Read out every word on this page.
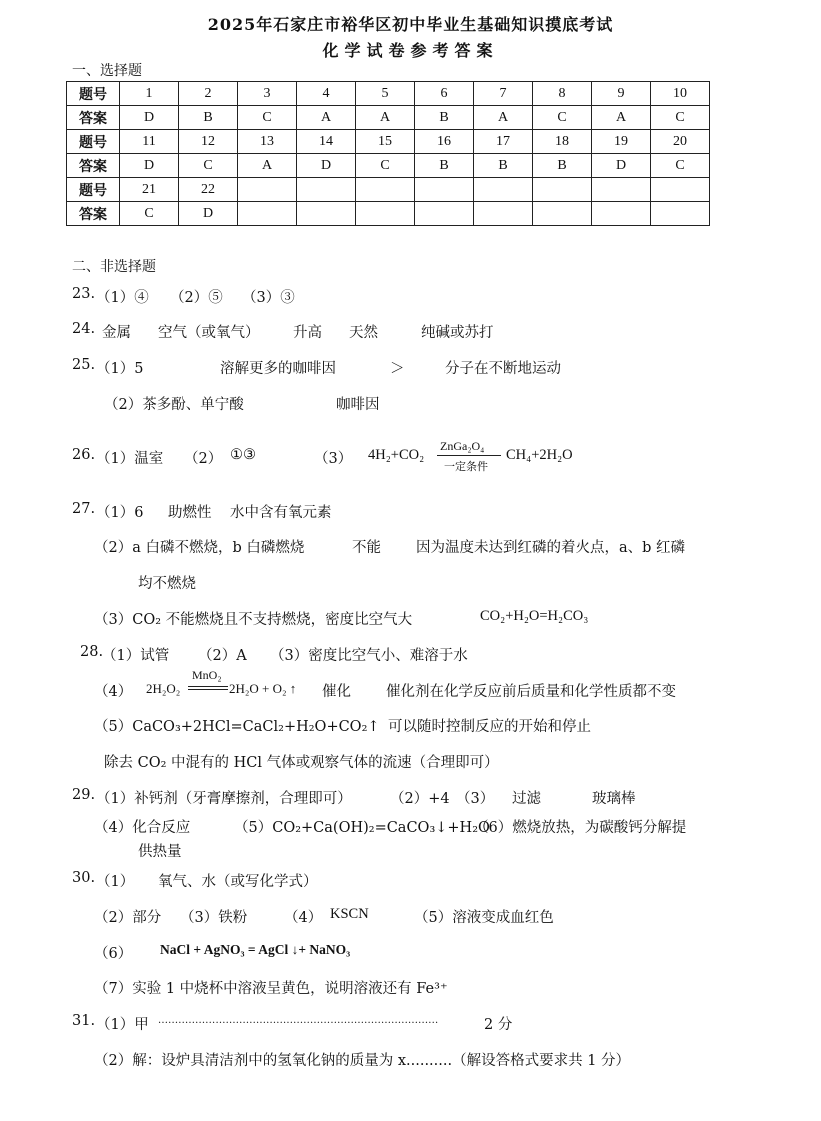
2025年石家庄市裕华区初中毕业生基础知识摸底考试
化学试卷参考答案
一、选择题
题号	1	2	3	4	5	6	7	8	9	10
答案	D	B	C	A	A	B	A	C	A	C
题号	11	12	13	14	15	16	17	18	19	20
答案	D	C	A	D	C	B	B	B	D	C
题号	21	22								
答案	C	D								
二、非选择题
23. （1）④ （2）⑤ （3）③
24. 金属 空气（或氧气） 升高 天然	纯碱或苏打
25. （1）5	溶解更多的咖啡因	＞	分子在不断地运动
（2）茶多酚、单宁酸	咖啡因
26. （1）温室 （2） ①③	（3） 4H₂+CO₂
ZnGa₂O₄
一定条件
CH₄+2H₂O
27. （1）6 助燃性 水中含有氧元素
（2）a 白磷不燃烧，b 白磷燃烧	不能 因为温度未达到红磷的着火点，a、b 红磷
均不燃烧
（3）CO₂ 不能燃烧且不支持燃烧，密度比空气大	CO₂+H₂O=H₂CO₃
28.
（1）试管 （2）A （3）密度比空气小、难溶于水
（4） 2H₂O₂
MnO₂
2H₂O + O₂ ↑ 催化 催化剂在化学反应前后质量和化学性质都不变
（5）CaCO₃+2HCl=CaCl₂+H₂O+CO₂↑ 可以随时控制反应的开始和停止
除去 CO₂ 中混有的 HCl 气体或观察气体的流速（合理即可）
29. （1）补钙剂（牙膏摩擦剂，合理即可）	（2）+4 （3） 过滤	玻璃棒
（4）化合反应	（5）CO₂+Ca(OH)₂=CaCO₃↓+H₂O
（6）燃烧放热，为碳酸钙分解提
供热量
30. （1） 氧气、水（或写化学式）
（2）部分 （3）铁粉	（4） KSCN	（5）溶液变成血红色
（6） NaCl + AgNO₃ = AgCl ↓+ NaNO₃
（7）实验 1 中烧杯中溶液呈黄色，说明溶液还有 Fe³⁺
31. （1）甲 ...................................................................................	2 分
（2）解：设炉具清洁剂中的氢氧化钠的质量为 x..........（解设答格式要求共 1 分）
